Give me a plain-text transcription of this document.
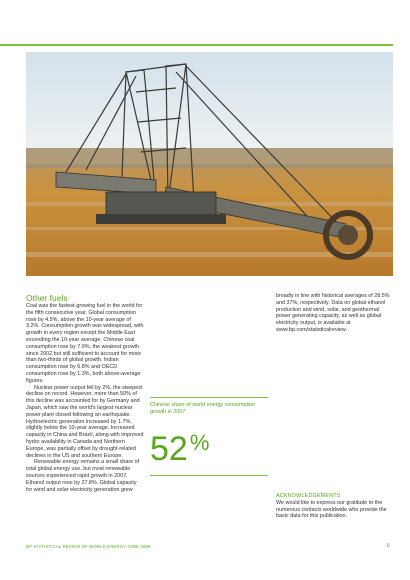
Other fuels

Coal was the fastest-growing fuel in the world for the fifth consecutive year. Global consumption rose by 4.5%, above the 10-year average of 3.2%. Consumption growth was widespread, with growth in every region except the Middle East exceeding the 10-year average. Chinese coal consumption rose by 7.9%, the weakest growth since 2002 but still sufficient to account for more than two-thirds of global growth. Indian consumption rose by 6.8% and OECD consumption rose by 1.3%, both above-average figures.

Nuclear power output fell by 2%, the steepest decline on record. However, more than 50% of this decline was accounted for by Germany and Japan, which saw the world's largest nuclear power plant closed following an earthquake. Hydroelectric generation increased by 1.7%, slightly below the 10-year average. Increased capacity in China and Brazil, along with improved hydro availability in Canada and Northern Europe, was partially offset by drought-related declines in the US and southern Europe.

Renewable energy remains a small share of total global energy use, but most renewable sources experienced rapid growth in 2007. Ethanol output rose by 27.8%. Global capacity for wind and solar electricity generation grew

Chinese share of world energy consumption growth in 2007.
52%

broadly in line with historical averages of 28.5% and 37%, respectively. Data on global ethanol production and wind, solar, and geothermal power generating capacity, as well as global electricity output, is available at www.bp.com/statisticalreview.

ACKNOWLEDGEMENTS
We would like to express our gratitude to the numerous contacts worldwide who provide the basic data for this publication.
BP STATISTICAL REVIEW OF WORLD ENERGY JUNE 2008	6
